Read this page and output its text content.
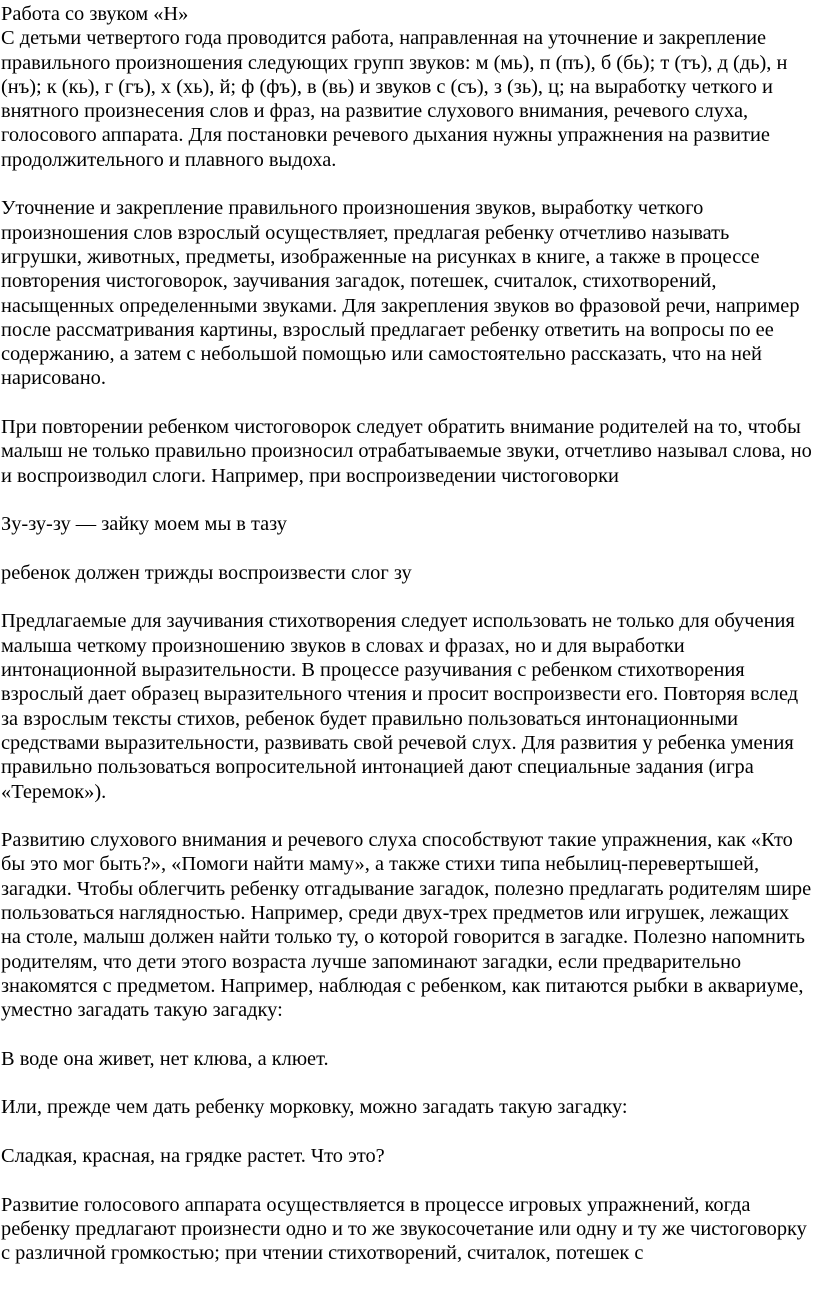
Работа со звуком «Н»

С детьми четвертого года проводится работа, направленная на уточнение и закрепление правильного произношения следующих групп звуков: м (мь), п (пъ), б (бь); т (тъ), д (дь), н (нъ); к (кь), г (гъ), х (хь), й; ф (фъ), в (вь) и звуков с (съ), з (зь), ц; на выработку четкого и внятного произнесения слов и фраз, на развитие слухового внимания, речевого слуха, голосового аппарата. Для постановки речевого дыхания нужны упражнения на развитие продолжительного и плавного выдоха.

Уточнение и закрепление правильного произношения звуков, выработку четкого произношения слов взрослый осуществляет, предлагая ребенку отчетливо называть игрушки, животных, предметы, изображенные на рисунках в книге, а также в процессе повторения чистоговорок, заучивания загадок, потешек, считалок, стихотворений, насыщенных определенными звуками. Для закрепления звуков во фразовой речи, например после рассматривания картины, взрослый предлагает ребенку ответить на вопросы по ее содержанию, а затем с небольшой помощью или самостоятельно рассказать, что на ней нарисовано.

При повторении ребенком чистоговорок следует обратить внимание родителей на то, чтобы малыш не только правильно произносил отрабатываемые звуки, отчетливо называл слова, но и воспроизводил слоги. Например, при воспроизведении чистоговорки

Зу-зу-зу — зайку моем мы в тазу

ребенок должен трижды воспроизвести слог зу

Предлагаемые для заучивания стихотворения следует использовать не только для обучения малыша четкому произношению звуков в словах и фразах, но и для выработки интонационной выразительности. В процессе разучивания с ребенком стихотворения взрослый дает образец выразительного чтения и просит воспроизвести его. Повторяя вслед за взрослым тексты стихов, ребенок будет правильно пользоваться интонационными средствами выразительности, развивать свой речевой слух. Для развития у ребенка умения правильно пользоваться вопросительной интонацией дают специальные задания (игра «Теремок»).

Развитию слухового внимания и речевого слуха способствуют такие упражнения, как «Кто бы это мог быть?», «Помоги найти маму», а также стихи типа небылиц-перевертышей, загадки. Чтобы облегчить ребенку отгадывание загадок, полезно предлагать родителям шире пользоваться наглядностью. Например, среди двух-трех предметов или игрушек, лежащих на столе, малыш должен найти только ту, о которой говорится в загадке. Полезно напомнить родителям, что дети этого возраста лучше запоминают загадки, если предварительно знакомятся с предметом. Например, наблюдая с ребенком, как питаются рыбки в аквариуме, уместно загадать такую загадку:

В воде она живет, нет клюва, а клюет.

Или, прежде чем дать ребенку морковку, можно загадать такую загадку:

Сладкая, красная, на грядке растет. Что это?

Развитие голосового аппарата осуществляется в процессе игровых упражнений, когда ребенку предлагают произнести одно и то же звукосочетание или одну и ту же чистоговорку с различной громкостью; при чтении стихотворений, считалок, потешек с
